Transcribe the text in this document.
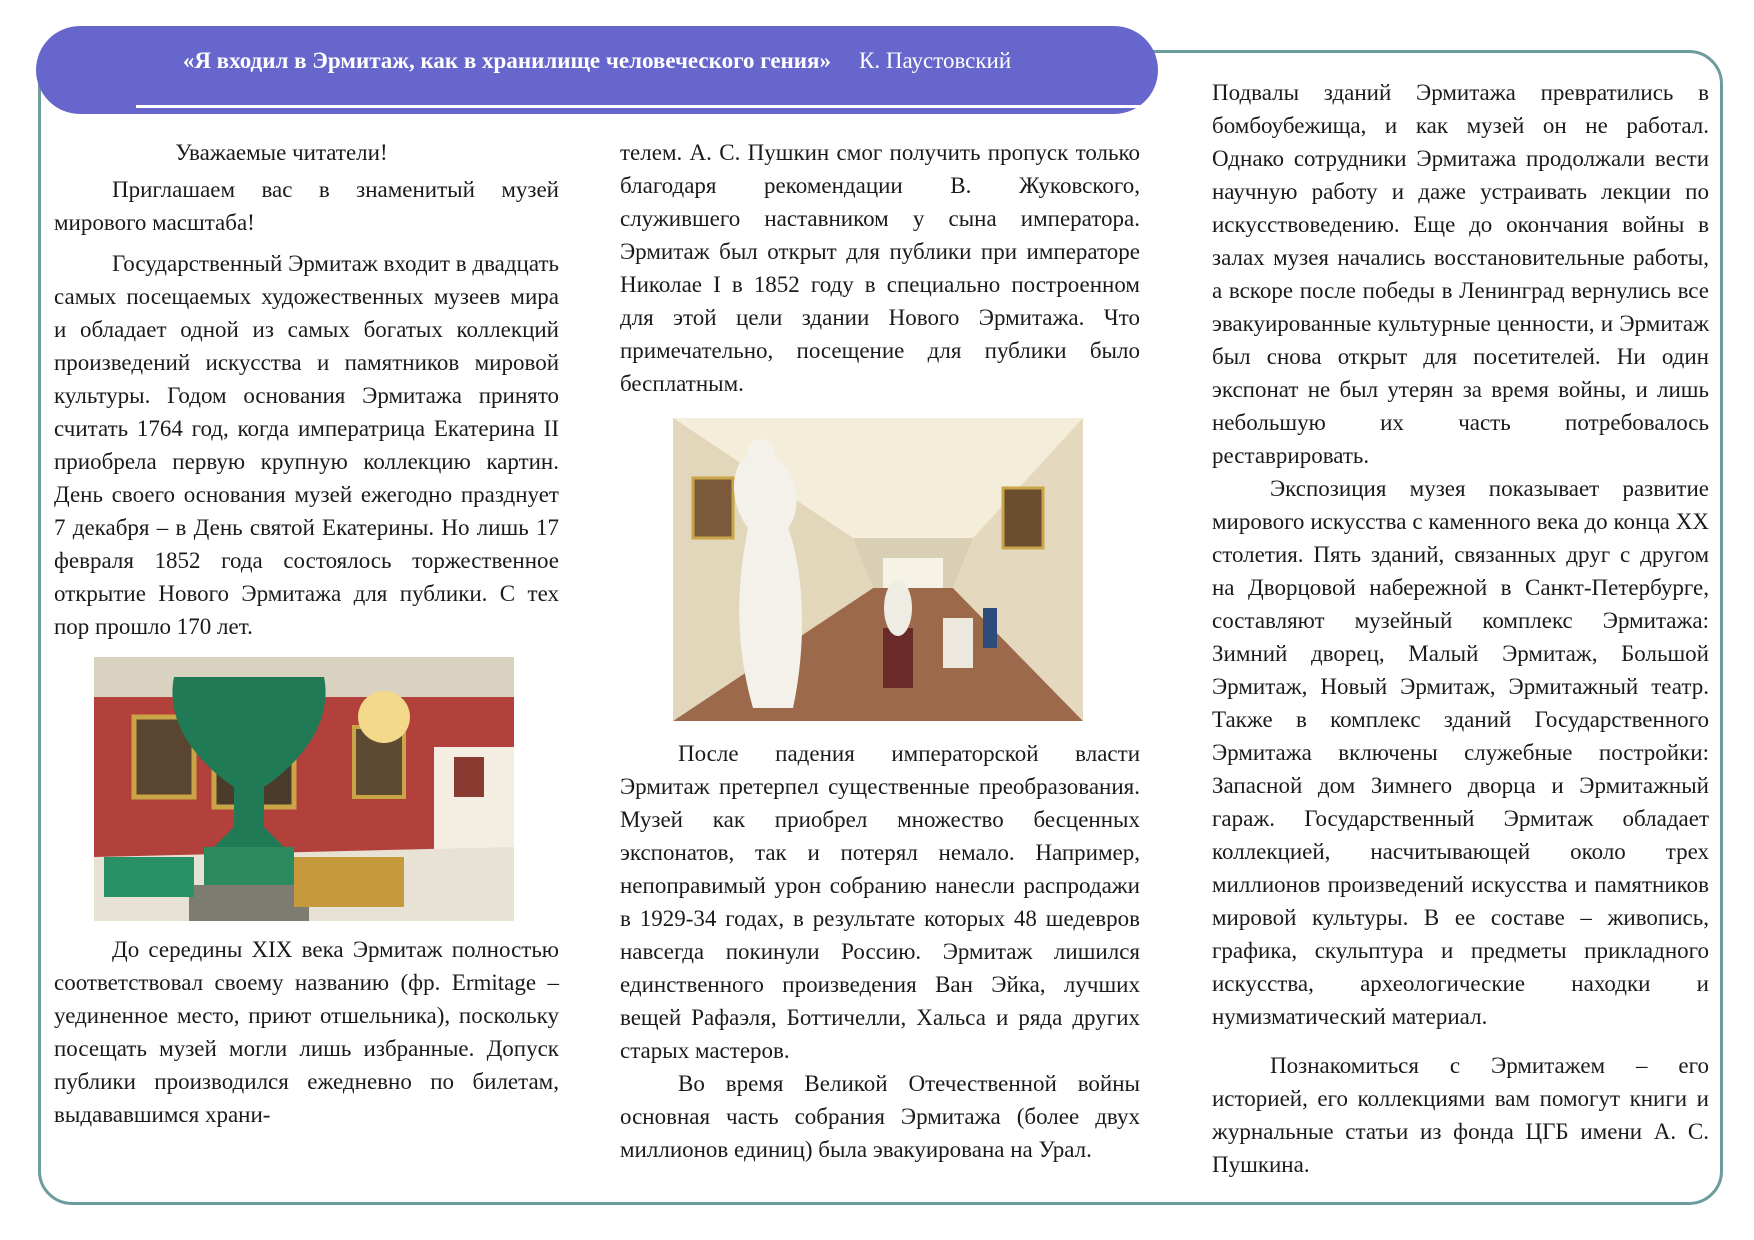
«Я входил в Эрмитаж, как в хранилище человеческого гения» К. Паустовский

Уважаемые читатели!

Приглашаем вас в знаменитый музей мирового масштаба!

Государственный Эрмитаж входит в двадцать самых посещаемых художественных музеев мира и обладает одной из самых богатых коллекций произведений искусства и памятников мировой культуры. Годом основания Эрмитажа принято считать 1764 год, когда императрица Екатерина II приобрела первую крупную коллекцию картин. День своего основания музей ежегодно празднует 7 декабря – в День святой Екатерины. Но лишь 17 февраля 1852 года состоялось торжественное открытие Нового Эрмитажа для публики. С тех пор прошло 170 лет.

До середины XIX века Эрмитаж полностью соответствовал своему названию (фр. Ermitage – уединенное место, приют отшельника), поскольку посещать музей могли лишь избранные. Допуск публики производился ежедневно по билетам, выдававшимся храни-

телем. А. С. Пушкин смог получить пропуск только благодаря рекомендации В. Жуковского, служившего наставником у сына императора. Эрмитаж был открыт для публики при императоре Николае I в 1852 году в специально построенном для этой цели здании Нового Эрмитажа. Что примечательно, посещение для публики было бесплатным.

После падения императорской власти Эрмитаж претерпел существенные преобразования. Музей как приобрел множество бесценных экспонатов, так и потерял немало. Например, непоправимый урон собранию нанесли распродажи в 1929-34 годах, в результате которых 48 шедевров навсегда покинули Россию. Эрмитаж лишился единственного произведения Ван Эйка, лучших вещей Рафаэля, Боттичелли, Хальса и ряда других старых мастеров.

Во время Великой Отечественной войны основная часть собрания Эрмитажа (более двух миллионов единиц) была эвакуирована на Урал.

Подвалы зданий Эрмитажа превратились в бомбоубежища, и как музей он не работал. Однако сотрудники Эрмитажа продолжали вести научную работу и даже устраивать лекции по искусствоведению. Еще до окончания войны в залах музея начались восстановительные работы, а вскоре после победы в Ленинград вернулись все эвакуированные культурные ценности, и Эрмитаж был снова открыт для посетителей. Ни один экспонат не был утерян за время войны, и лишь небольшую их часть потребовалось реставрировать.

Экспозиция музея показывает развитие мирового искусства с каменного века до конца XX столетия. Пять зданий, связанных друг с другом на Дворцовой набережной в Санкт-Петербурге, составляют музейный комплекс Эрмитажа: Зимний дворец, Малый Эрмитаж, Большой Эрмитаж, Новый Эрмитаж, Эрмитажный театр. Также в комплекс зданий Государственного Эрмитажа включены служебные постройки: Запасной дом Зимнего дворца и Эрмитажный гараж. Государственный Эрмитаж обладает коллекцией, насчитывающей около трех миллионов произведений искусства и памятников мировой культуры. В ее составе – живопись, графика, скульптура и предметы прикладного искусства, археологические находки и нумизматический материал.

Познакомиться с Эрмитажем – его историей, его коллекциями вам помогут книги и журнальные статьи из фонда ЦГБ имени А. С. Пушкина.
